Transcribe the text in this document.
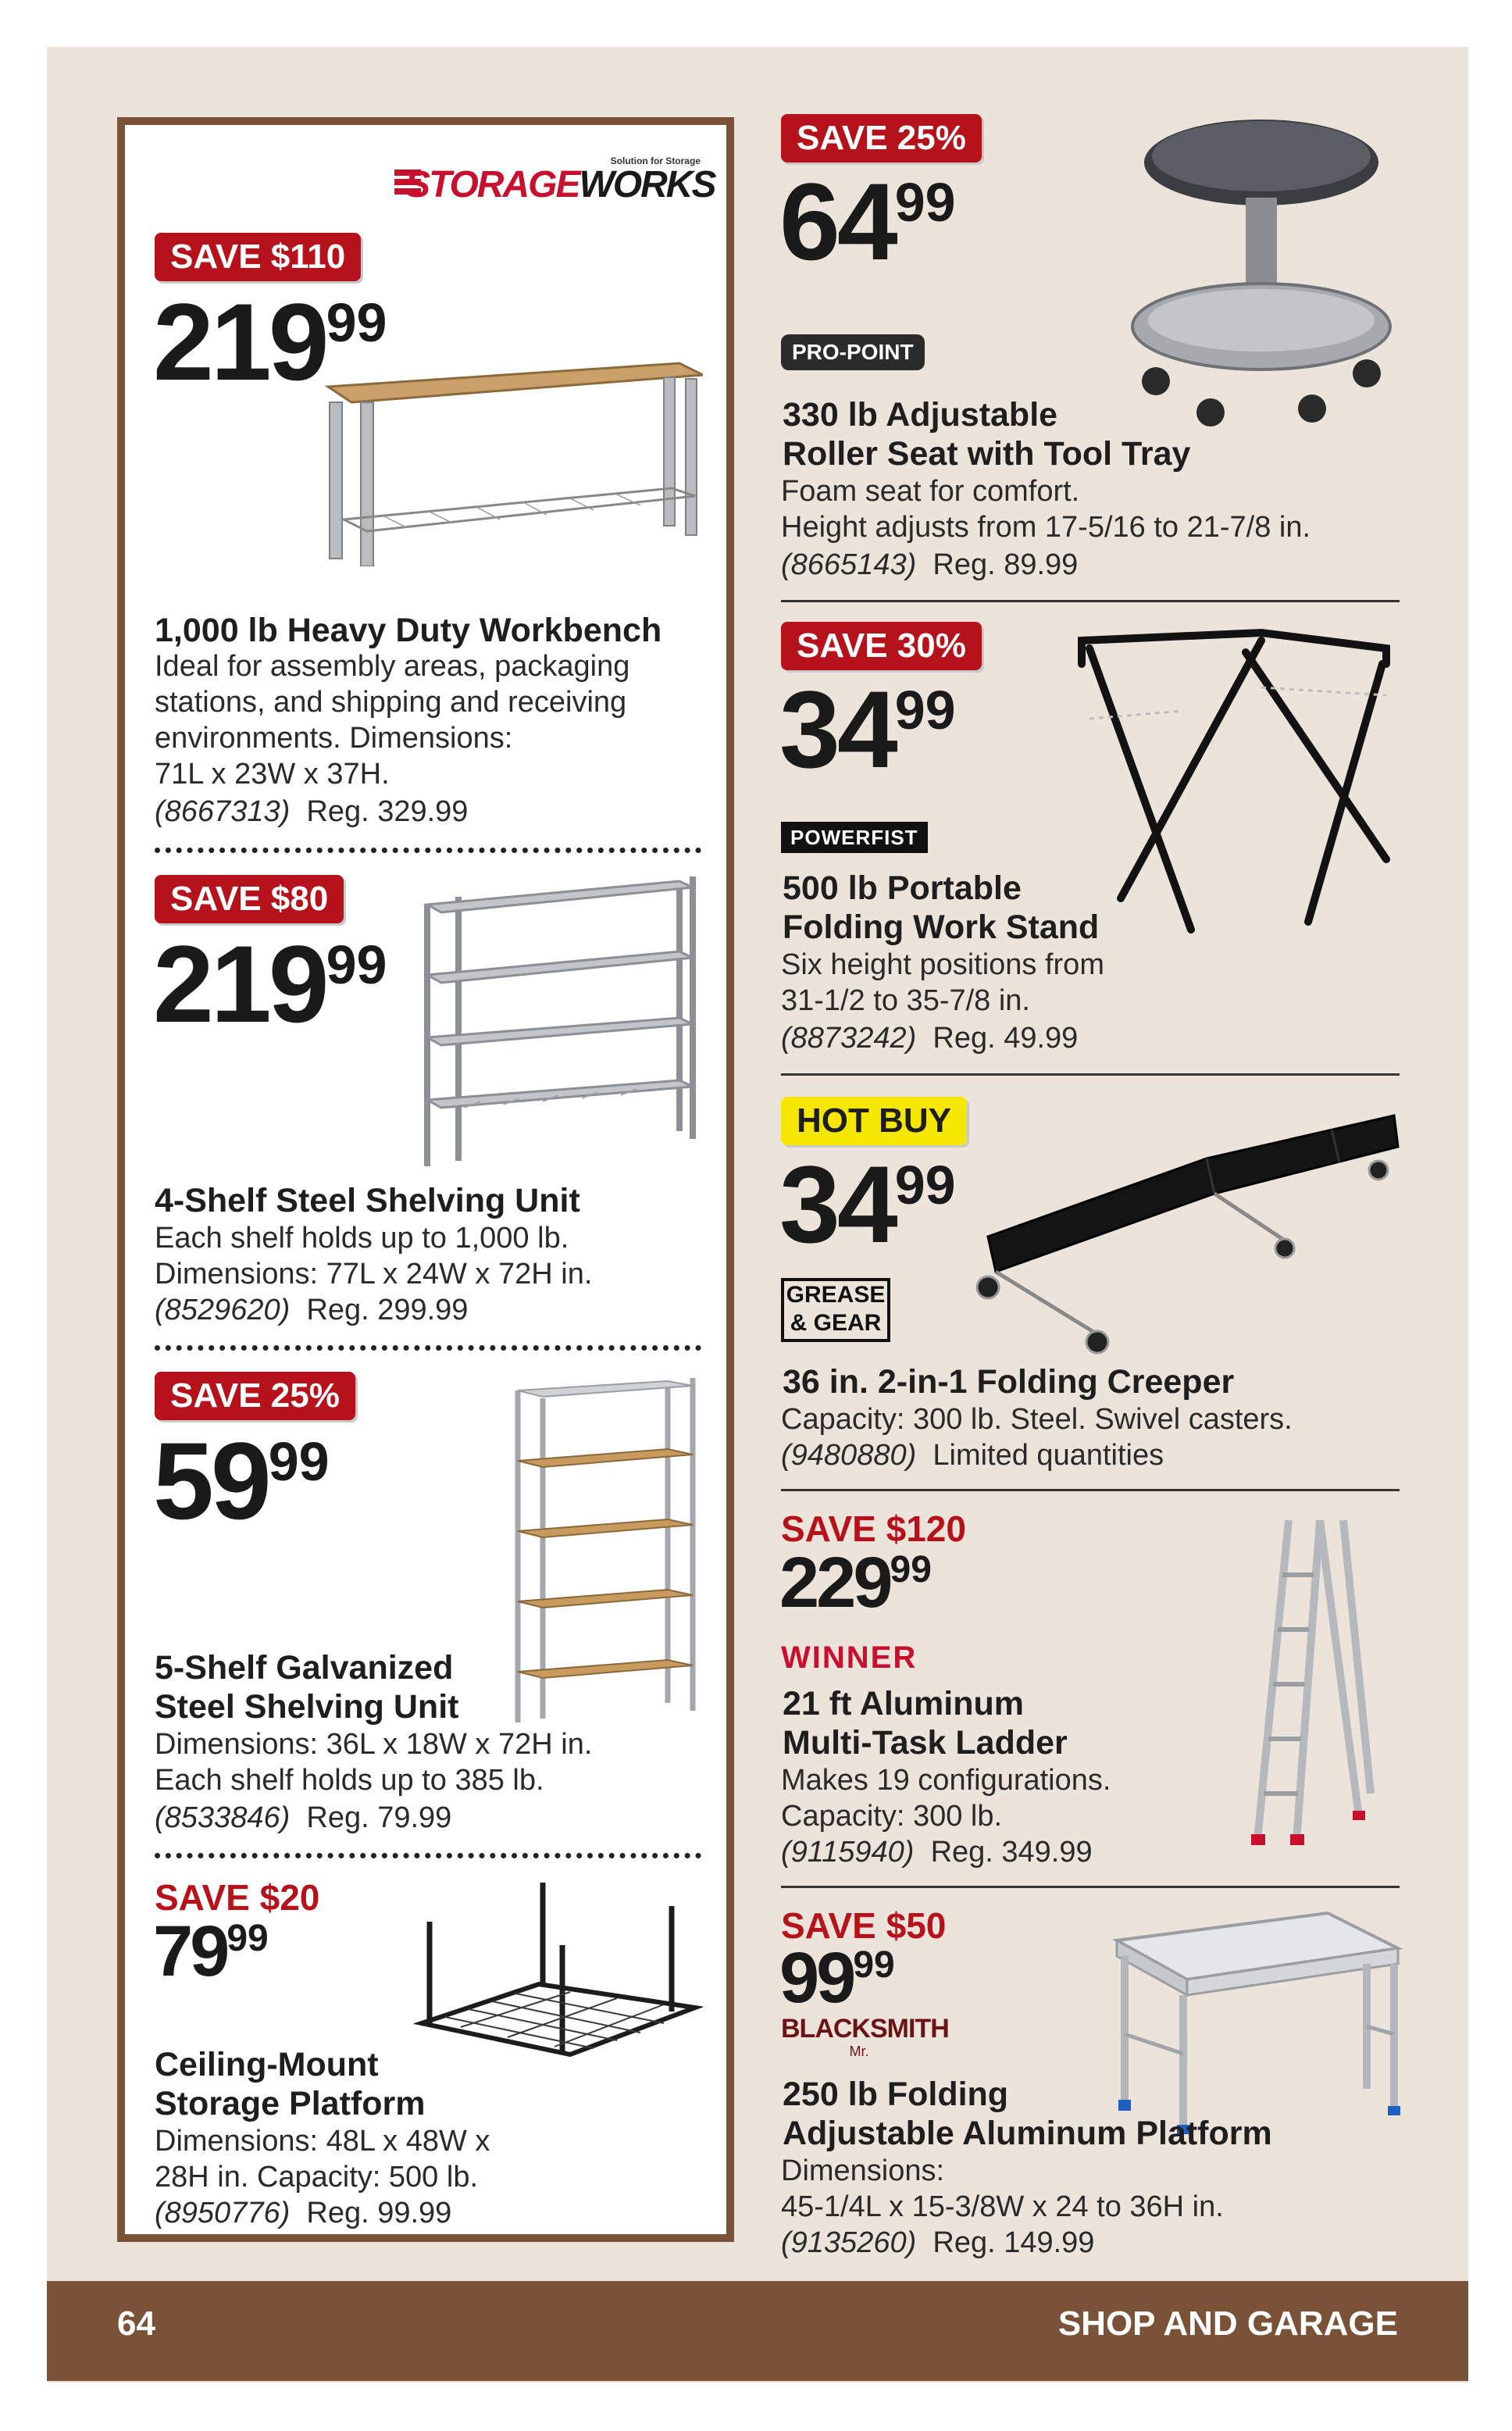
Solution for Storage
STORAGEWORKS
SAVE $110
21999
1,000 lb Heavy Duty Workbench
Ideal for assembly areas, packaging
stations, and shipping and receiving
environments. Dimensions:
71L x 23W x 37H.
(8667313) Reg. 329.99
SAVE $80
21999
4-Shelf Steel Shelving Unit
Each shelf holds up to 1,000 lb.
Dimensions: 77L x 24W x 72H in.
(8529620) Reg. 299.99
SAVE 25%
5999
5-Shelf Galvanized
Steel Shelving Unit
Dimensions: 36L x 18W x 72H in.
Each shelf holds up to 385 lb.
(8533846) Reg. 79.99
SAVE $20
7999
Ceiling-Mount
Storage Platform
Dimensions: 48L x 48W x
28H in. Capacity: 500 lb.
(8950776) Reg. 99.99
SAVE 25%
6499
PRO-POINT
330 lb Adjustable
Roller Seat with Tool Tray
Foam seat for comfort.
Height adjusts from 17-5/16 to 21-7/8 in.
(8665143) Reg. 89.99
SAVE 30%
3499
POWERFIST
500 lb Portable
Folding Work Stand
Six height positions from
31-1/2 to 35-7/8 in.
(8873242) Reg. 49.99
HOT BUY
3499
GREASE & GEAR
36 in. 2-in-1 Folding Creeper
Capacity: 300 lb. Steel. Swivel casters.
(9480880) Limited quantities
SAVE $120
22999
WINNER
21 ft Aluminum
Multi-Task Ladder
Makes 19 configurations.
Capacity: 300 lb.
(9115940) Reg. 349.99
SAVE $50
9999
BLACKSMITH
Mr.
250 lb Folding
Adjustable Aluminum Platform
Dimensions:
45-1/4L x 15-3/8W x 24 to 36H in.
(9135260) Reg. 149.99
64	SHOP AND GARAGE
